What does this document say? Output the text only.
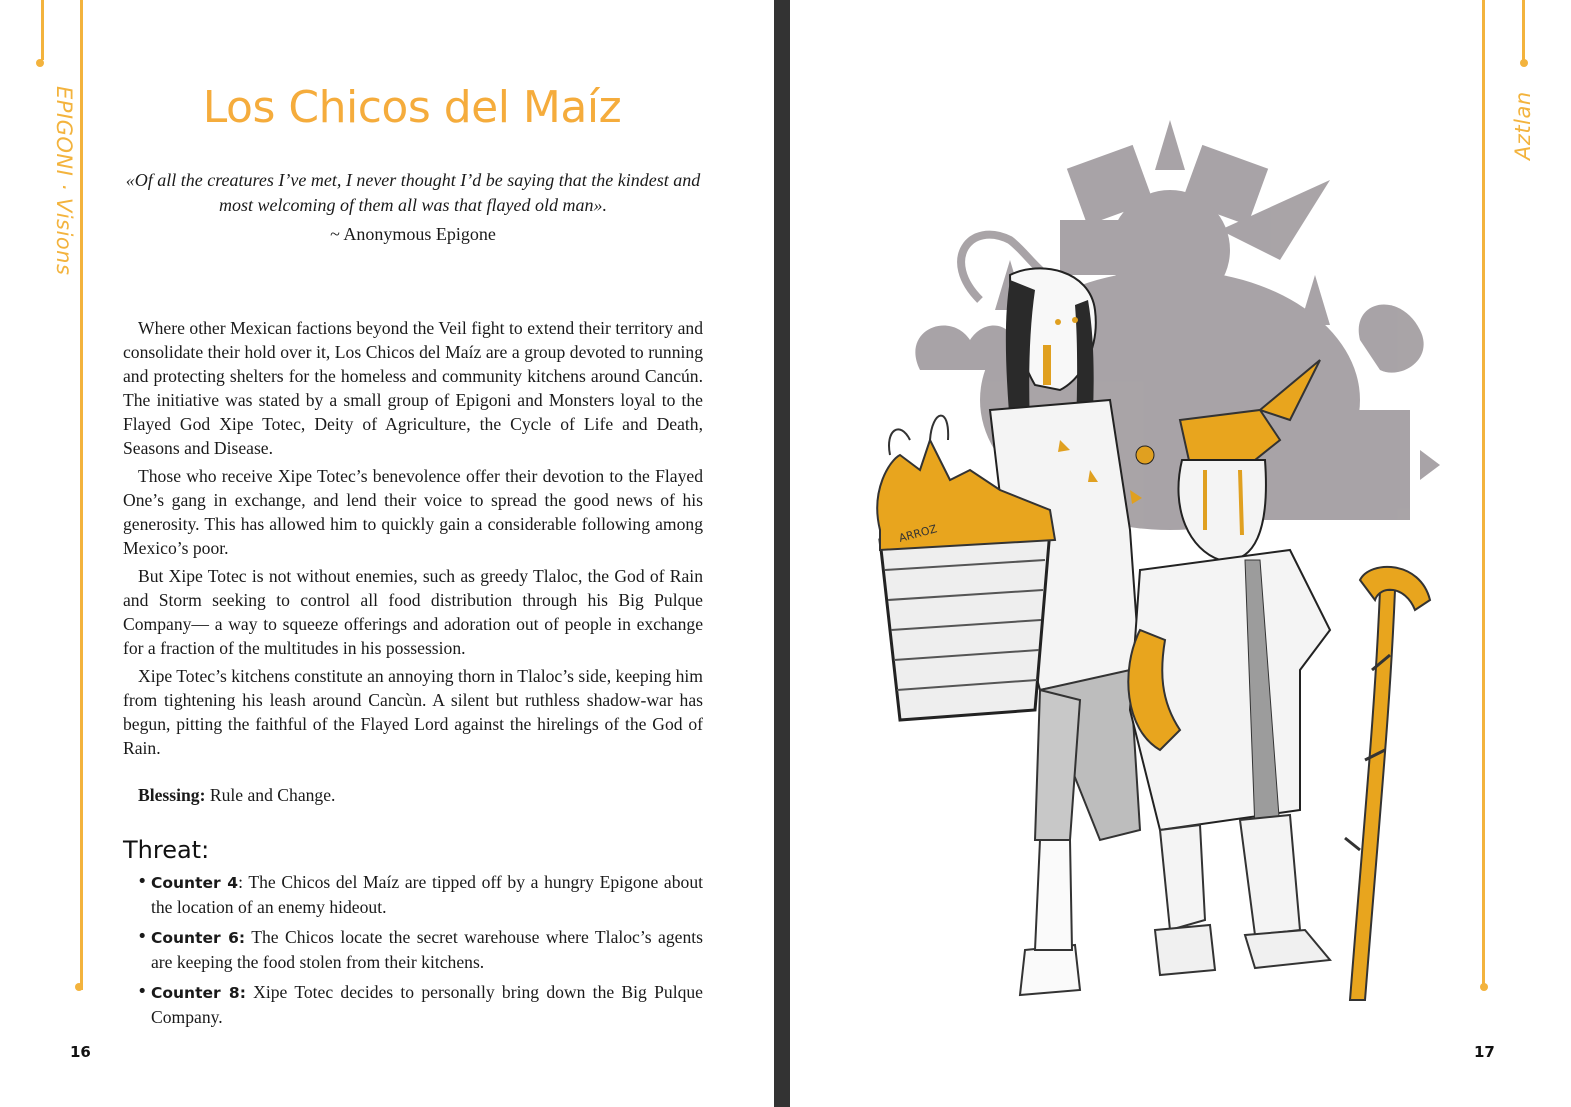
EPIGONI · Visions	Los Chicos del Maíz

«Of all the creatures I’ve met, I never thought I’d be saying that the kindest and most welcoming of them all was that flayed old man».

~ Anonymous Epigone

Where other Mexican factions beyond the Veil fight to extend their territory and consolidate their hold over it, Los Chicos del Maíz are a group devoted to running and protecting shelters for the homeless and community kitchens around Cancún. The initiative was stated by a small group of Epigoni and Monsters loyal to the Flayed God Xipe Totec, Deity of Agriculture, the Cycle of Life and Death, Seasons and Disease.

Those who receive Xipe Totec’s benevolence offer their devotion to the Flayed One’s gang in exchange, and lend their voice to spread the good news of his generosity. This has allowed him to quickly gain a considerable following among Mexico’s poor.

But Xipe Totec is not without enemies, such as greedy Tlaloc, the God of Rain and Storm seeking to control all food distribution through his Big Pulque Company— a way to squeeze offerings and adoration out of people in exchange for a fraction of the multitudes in his possession.

Xipe Totec’s kitchens constitute an annoying thorn in Tlaloc’s side, keeping him from tightening his leash around Cancùn. A silent but ruthless shadow-war has begun, pitting the faithful of the Flayed Lord against the hirelings of the God of Rain.

Blessing: Rule and Change.
Threat:
• Counter 4: The Chicos del Maíz are tipped off by a hungry Epigone about the location of an enemy hideout.
• Counter 6: The Chicos locate the secret warehouse where Tlaloc’s agents are keeping the food stolen from their kitchens.
• Counter 8: Xipe Totec decides to personally bring down the Big Pulque Company.
16
Aztlan
17
ARROZ
